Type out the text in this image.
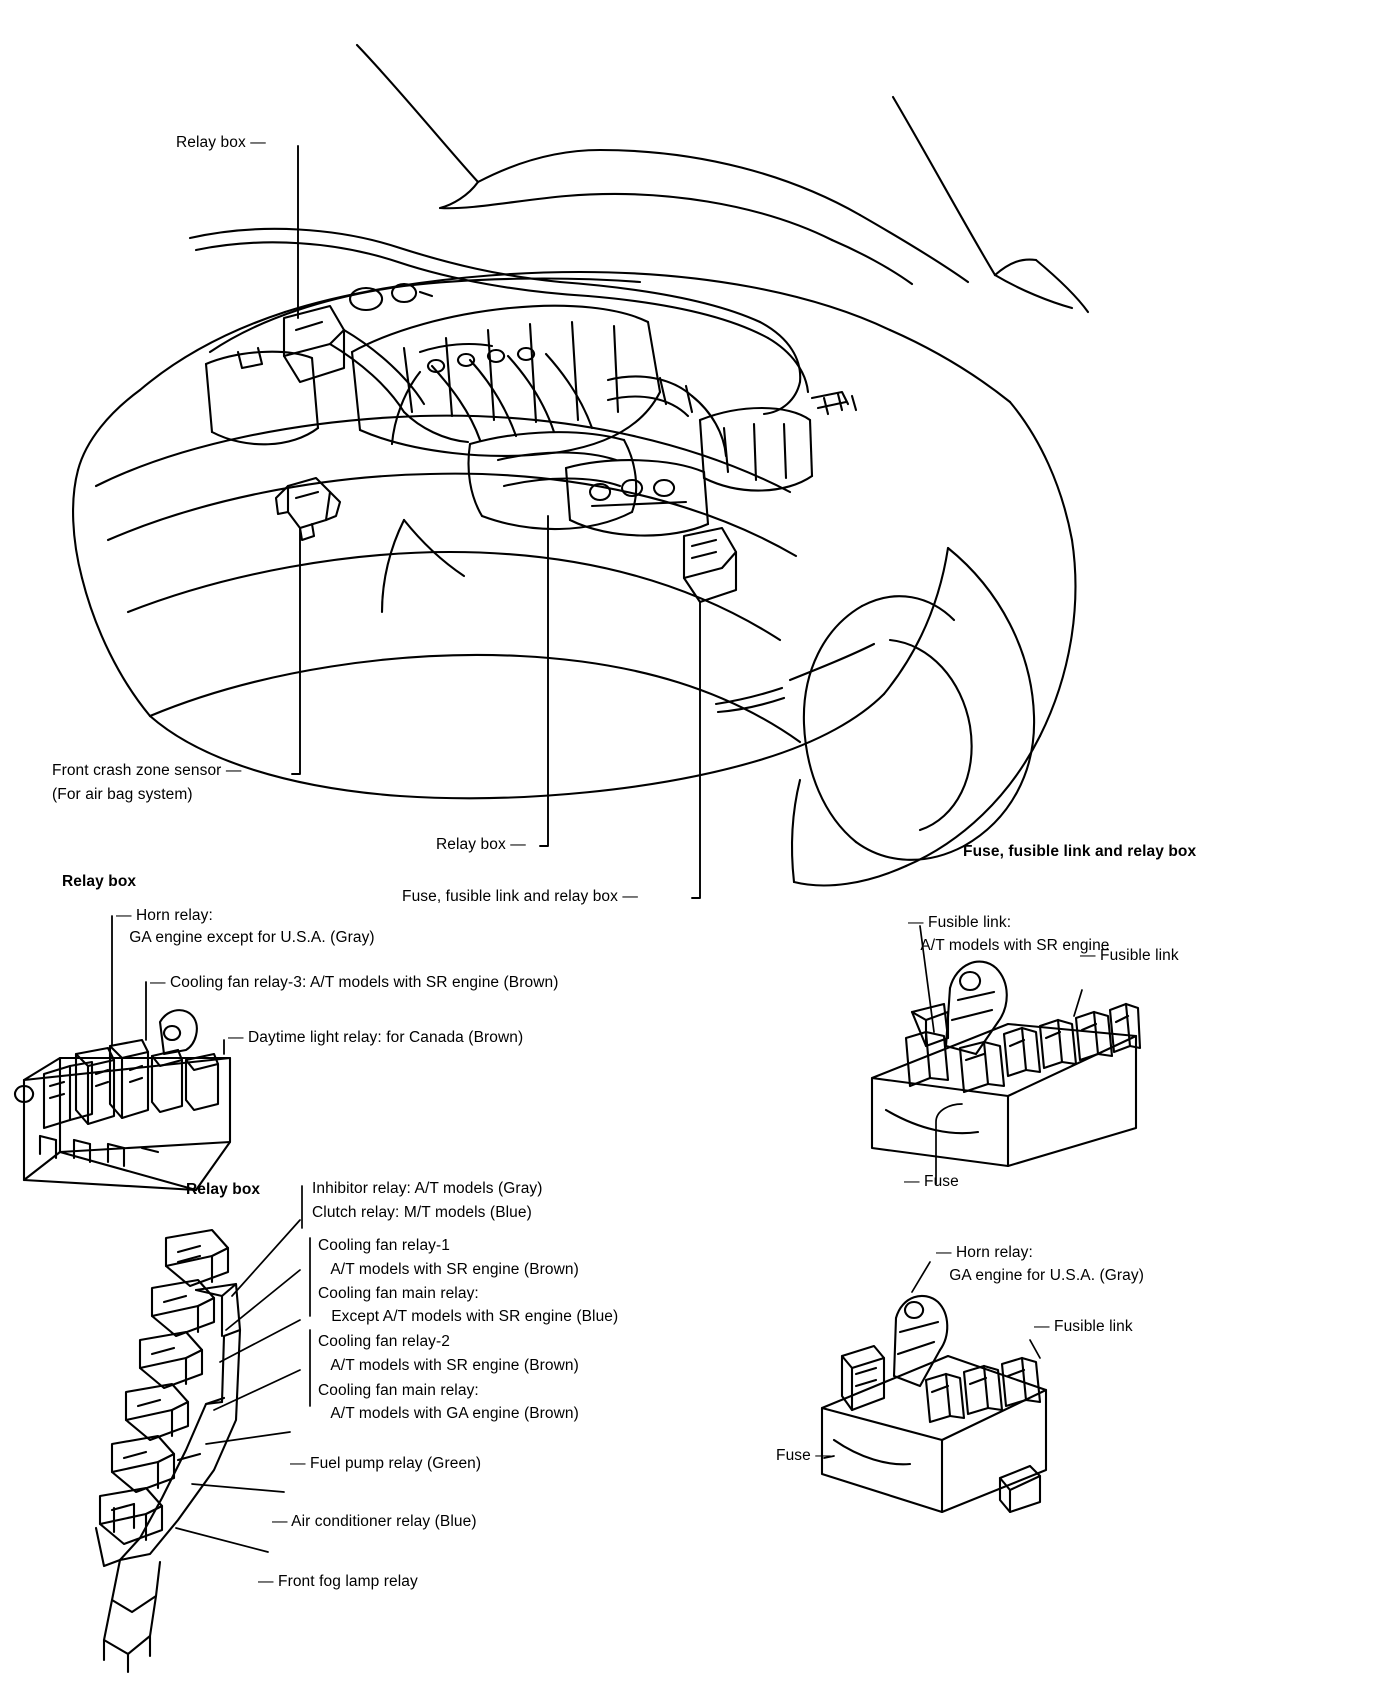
Relay box —
Front crash zone sensor —
(For air bag system)
Relay box —
Fuse, fusible link and relay box —
Fuse, fusible link and relay box
Relay box
— Horn relay:
GA engine except for U.S.A. (Gray)
— Cooling fan relay-3: A/T models with SR engine (Brown)
— Daytime light relay: for Canada (Brown)
Relay box	Inhibitor relay: A/T models (Gray)
Clutch relay: M/T models (Blue)
Cooling fan relay-1
A/T models with SR engine (Brown)
Cooling fan main relay:
Except A/T models with SR engine (Blue)
Cooling fan relay-2
A/T models with SR engine (Brown)
Cooling fan main relay:
A/T models with GA engine (Brown)
— Fuel pump relay (Green)
— Air conditioner relay (Blue)
— Front fog lamp relay
— Fusible link:
A/T models with SR engine
— Fusible link
— Fuse
— Horn relay:
GA engine for U.S.A. (Gray)
— Fusible link
Fuse —
